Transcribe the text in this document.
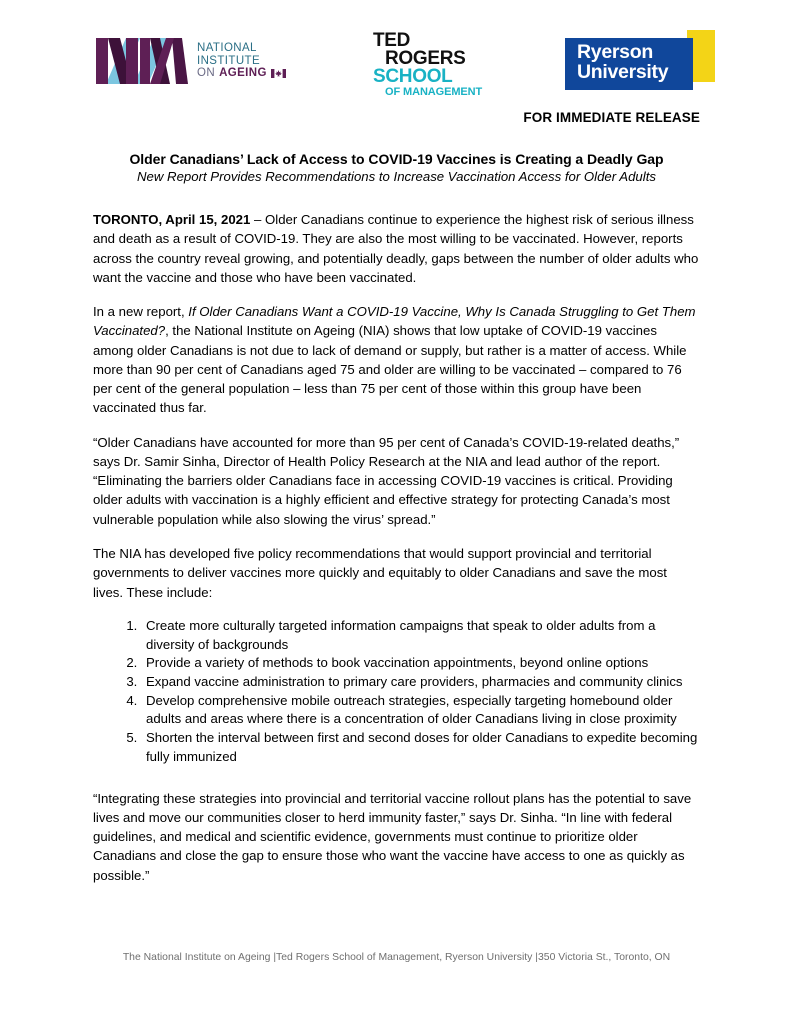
NATIONAL
INSTITUTE
ON AGEING
TED
ROGERS
SCHOOL
OF MANAGEMENT
Ryerson
University
FOR IMMEDIATE RELEASE
Older Canadians’ Lack of Access to COVID-19 Vaccines is Creating a Deadly Gap
New Report Provides Recommendations to Increase Vaccination Access for Older Adults

TORONTO, April 15, 2021 – Older Canadians continue to experience the highest risk of serious illness and death as a result of COVID-19. They are also the most willing to be vaccinated. However, reports across the country reveal growing, and potentially deadly, gaps between the number of older adults who want the vaccine and those who have been vaccinated.

In a new report, If Older Canadians Want a COVID-19 Vaccine, Why Is Canada Struggling to Get Them Vaccinated?, the National Institute on Ageing (NIA) shows that low uptake of COVID-19 vaccines among older Canadians is not due to lack of demand or supply, but rather is a matter of access. While more than 90 per cent of Canadians aged 75 and older are willing to be vaccinated – compared to 76 per cent of the general population – less than 75 per cent of those within this group have been vaccinated thus far.

“Older Canadians have accounted for more than 95 per cent of Canada’s COVID-19-related deaths,” says Dr. Samir Sinha, Director of Health Policy Research at the NIA and lead author of the report. “Eliminating the barriers older Canadians face in accessing COVID-19 vaccines is critical. Providing older adults with vaccination is a highly efficient and effective strategy for protecting Canada’s most vulnerable population while also slowing the virus’ spread.”

The NIA has developed five policy recommendations that would support provincial and territorial governments to deliver vaccines more quickly and equitably to older Canadians and save the most lives. These include:

1. Create more culturally targeted information campaigns that speak to older adults from a diversity of backgrounds
2. Provide a variety of methods to book vaccination appointments, beyond online options
3. Expand vaccine administration to primary care providers, pharmacies and community clinics
4. Develop comprehensive mobile outreach strategies, especially targeting homebound older adults and areas where there is a concentration of older Canadians living in close proximity
5. Shorten the interval between first and second doses for older Canadians to expedite becoming fully immunized

“Integrating these strategies into provincial and territorial vaccine rollout plans has the potential to save lives and move our communities closer to herd immunity faster,” says Dr. Sinha. “In line with federal guidelines, and medical and scientific evidence, governments must continue to prioritize older Canadians and close the gap to ensure those who want the vaccine have access to one as quickly as possible.”

The National Institute on Ageing |Ted Rogers School of Management, Ryerson University |350 Victoria St., Toronto, ON
